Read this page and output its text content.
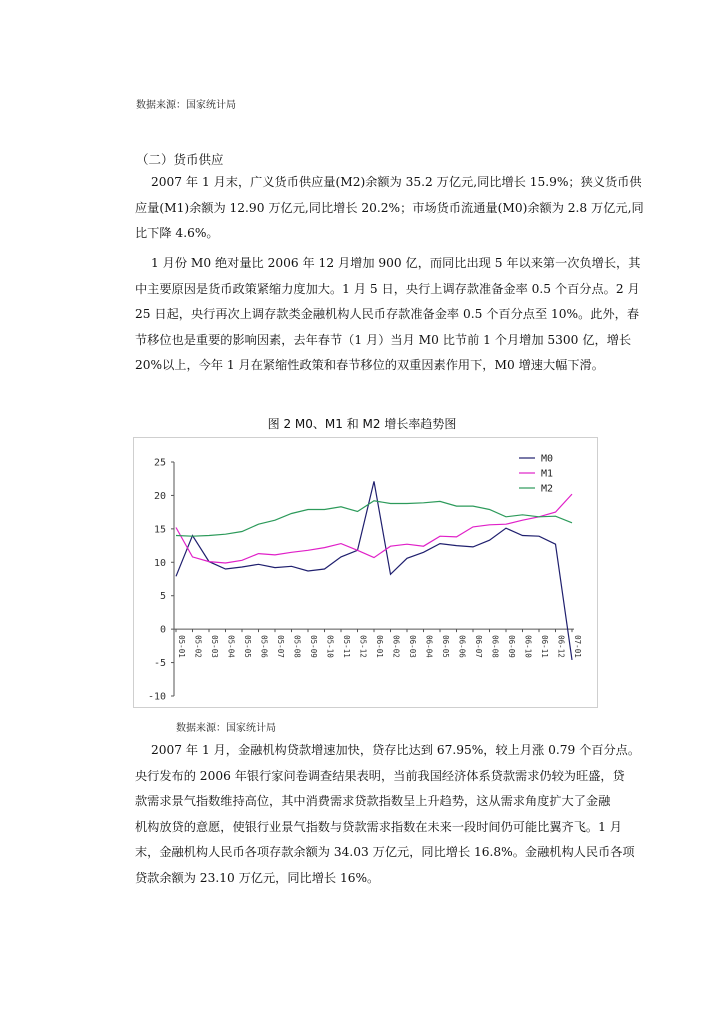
数据来源：国家统计局
（二）货币供应
2007 年 1 月末，广义货币供应量(M2)余额为 35.2 万亿元,同比增长 15.9%；狭义货币供
应量(M1)余额为 12.90 万亿元,同比增长 20.2%；市场货币流通量(M0)余额为 2.8 万亿元,同
比下降 4.6%。
1 月份 M0 绝对量比 2006 年 12 月增加 900 亿，而同比出现 5 年以来第一次负增长，其
中主要原因是货币政策紧缩力度加大。1 月 5 日，央行上调存款准备金率 0.5 个百分点。2 月
25 日起，央行再次上调存款类金融机构人民币存款准备金率 0.5 个百分点至 10%。此外，春
节移位也是重要的影响因素，去年春节（1 月）当月 M0 比节前 1 个月增加 5300 亿，增长
20%以上，今年 1 月在紧缩性政策和春节移位的双重因素作用下，M0 增速大幅下滑。
图 2 M0、M1 和 M2 增长率趋势图
25
20
15
10
5
0
-5
-10
05-01 05-02 05-03 05-04 05-05 05-06 05-07 05-08 05-09 05-10 05-11 05-12 06-01 06-02 06-03 06-04 06-05 06-06 06-07 06-08 06-09 06-10 06-11 06-12 07-01
M0
M1
M2
数据来源：国家统计局
2007 年 1 月，金融机构贷款增速加快，贷存比达到 67.95%，较上月涨 0.79 个百分点。
央行发布的 2006 年银行家问卷调查结果表明，当前我国经济体系贷款需求仍较为旺盛，贷
款需求景气指数维持高位，其中消费需求贷款指数呈上升趋势，这从需求角度扩大了金融
机构放贷的意愿，使银行业景气指数与贷款需求指数在未来一段时间仍可能比翼齐飞。1 月
末，金融机构人民币各项存款余额为 34.03 万亿元，同比增长 16.8%。金融机构人民币各项
贷款余额为 23.10 万亿元，同比增长 16%。
